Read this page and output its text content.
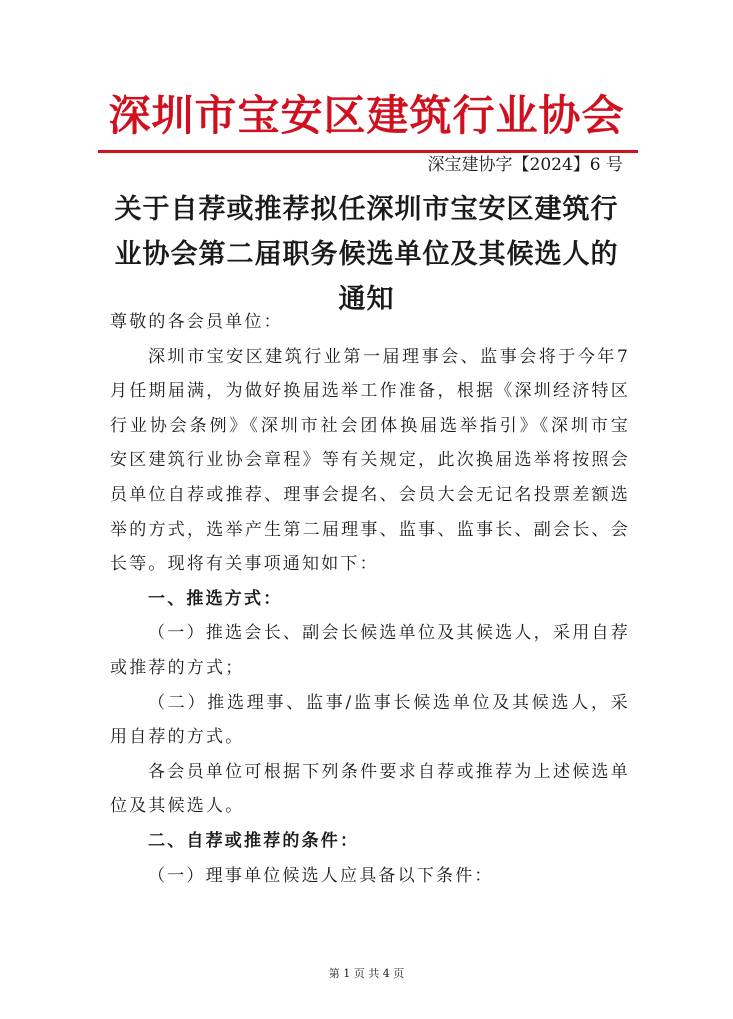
深圳市宝安区建筑行业协会
深宝建协字【2024】6 号
关于自荐或推荐拟任深圳市宝安区建筑行业协会第二届职务候选单位及其候选人的通知

尊敬的各会员单位：

深圳市宝安区建筑行业第一届理事会、监事会将于今年7 月任期届满，为做好换届选举工作准备，根据《深圳经济特区行业协会条例》《深圳市社会团体换届选举指引》《深圳市宝安区建筑行业协会章程》等有关规定，此次换届选举将按照会员单位自荐或推荐、理事会提名、会员大会无记名投票差额选举的方式，选举产生第二届理事、监事、监事长、副会长、会长等。现将有关事项通知如下：

一、推选方式：

（一）推选会长、副会长候选单位及其候选人，采用自荐或推荐的方式；

（二）推选理事、监事/监事长候选单位及其候选人，采用自荐的方式。

各会员单位可根据下列条件要求自荐或推荐为上述候选单位及其候选人。

二、自荐或推荐的条件：

（一）理事单位候选人应具备以下条件：

第 1 页 共 4 页
